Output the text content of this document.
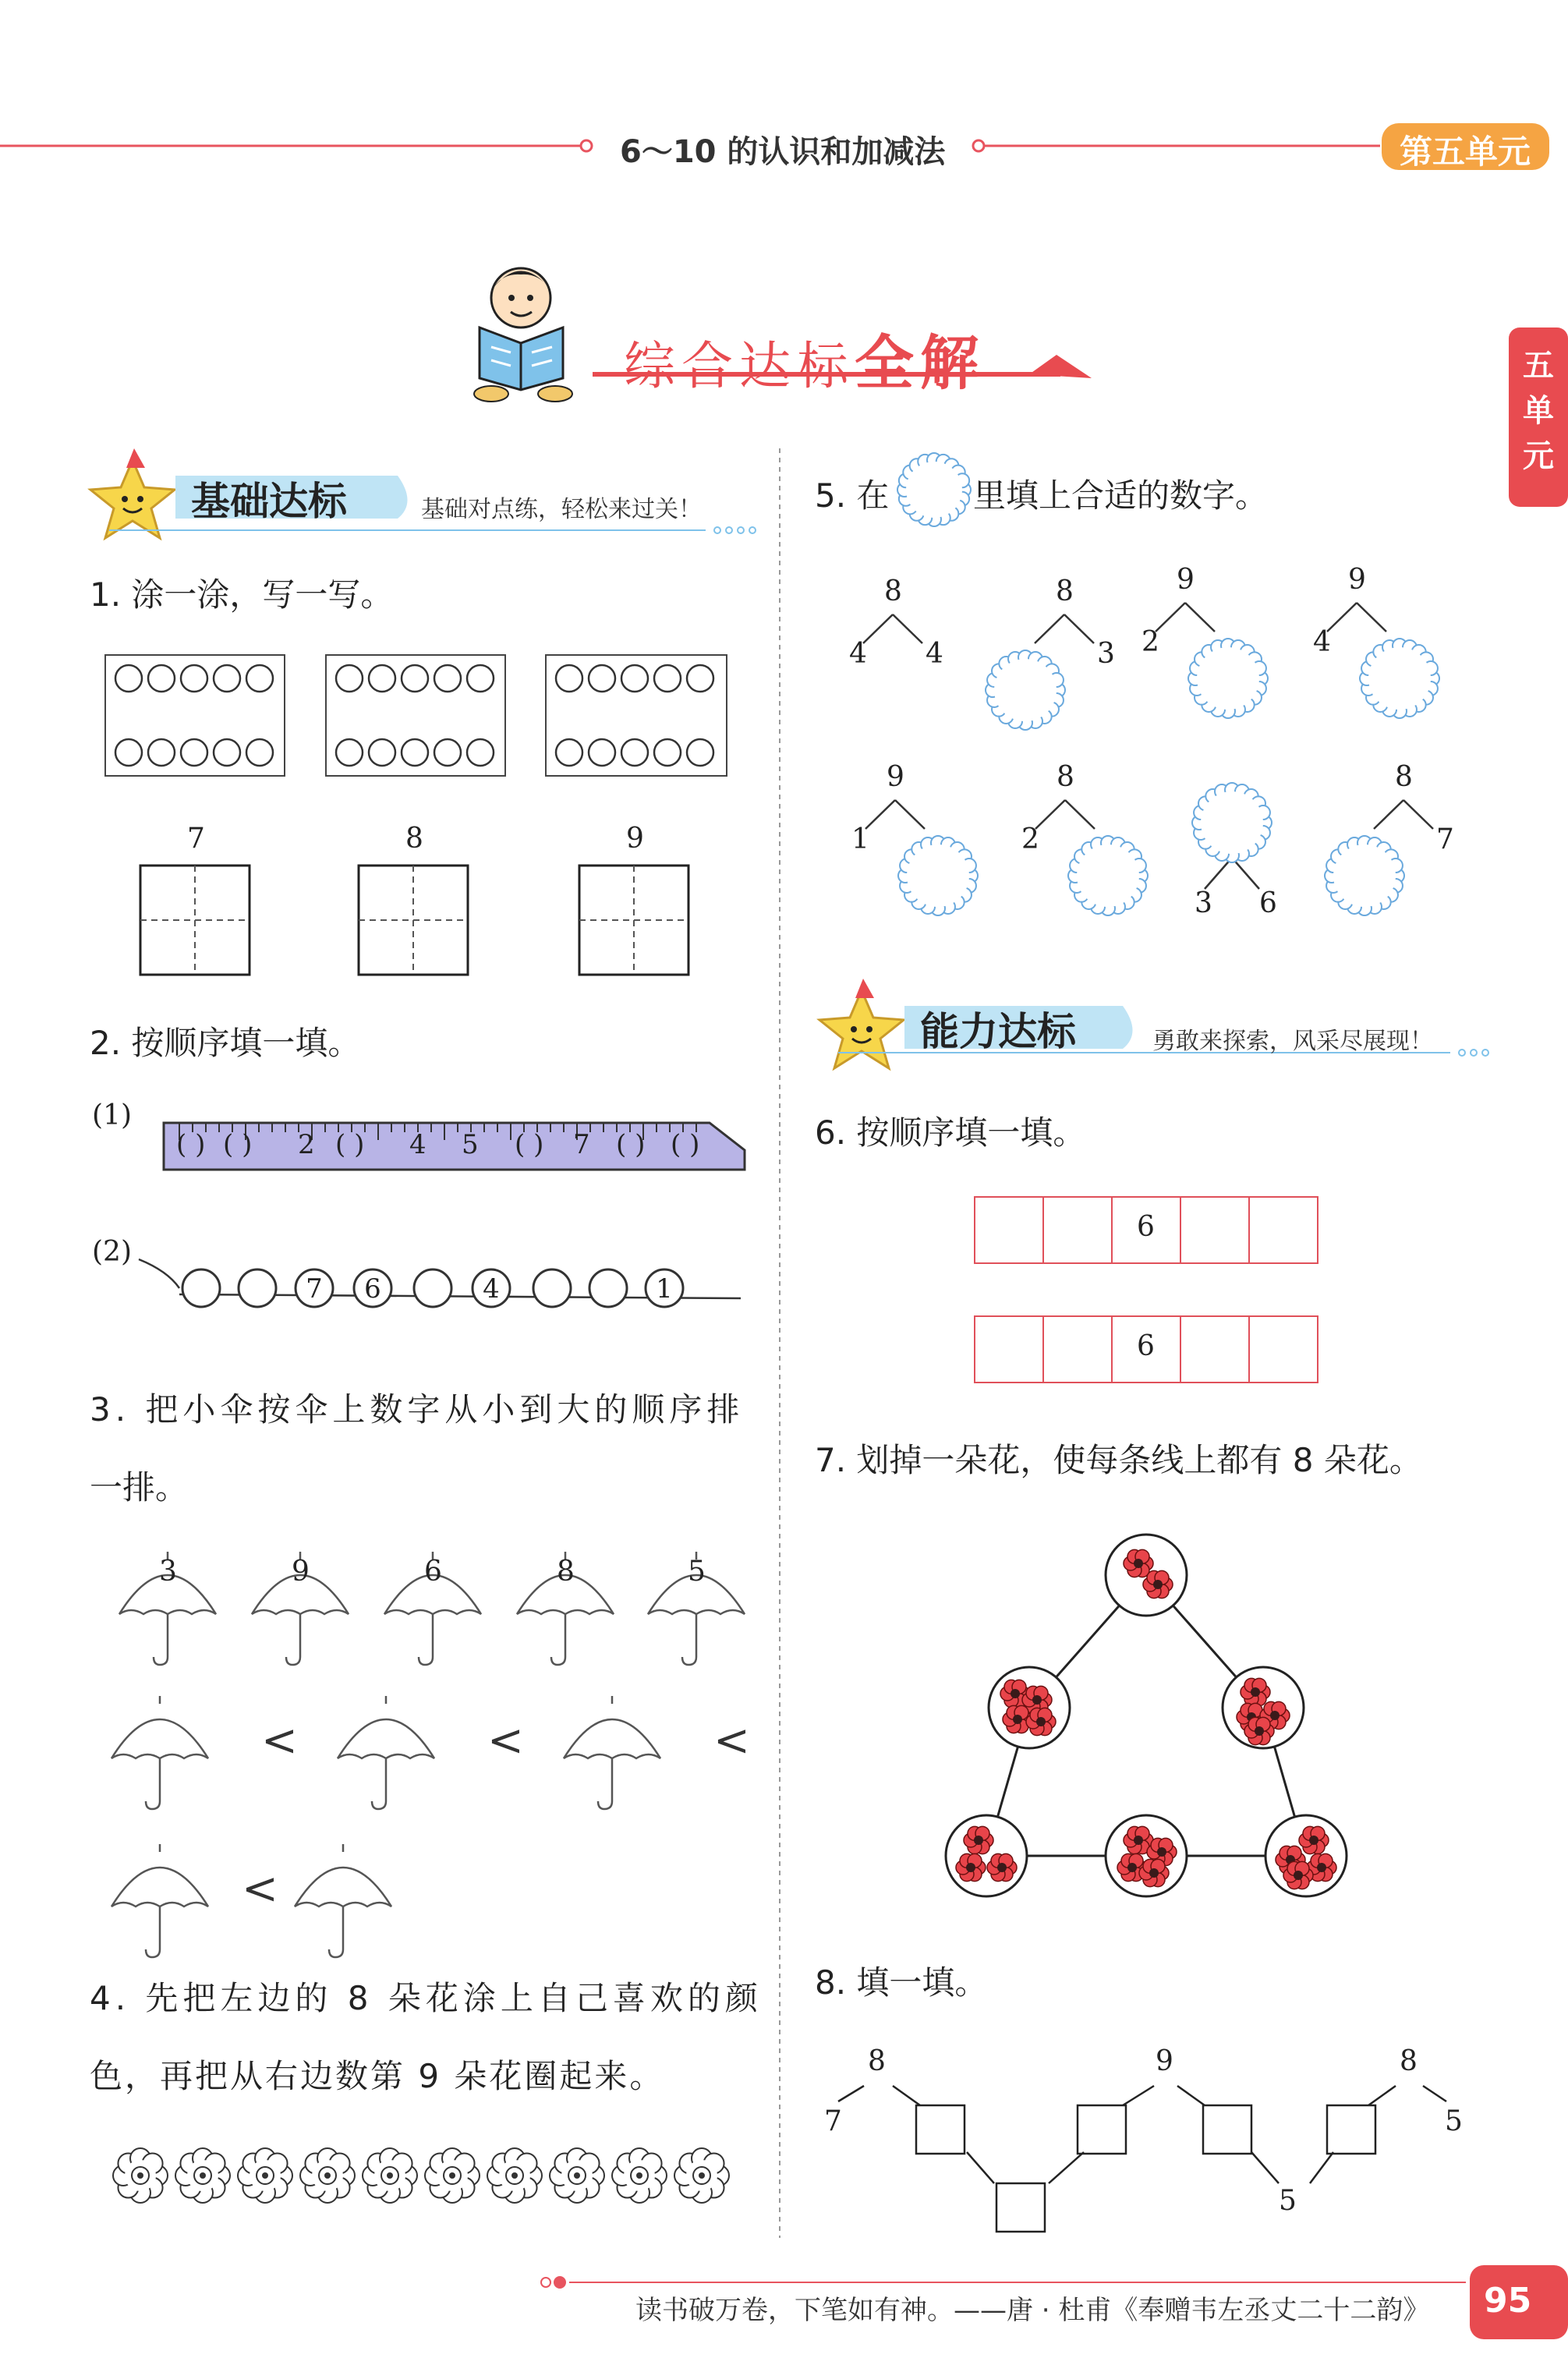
6～10 的认识和加减法	第五单元
五
单
元
综合达标全解
基础达标	基础对点练，轻松来过关！
能力达标	勇敢来探索，风采尽展现！
1. 涂一涂，写一写。
7	8	9
2. 按顺序填一填。
(1)
( ) ( ) 2 ( ) 4 5 ( ) 7 ( ) ( )
(2)
7 6	4	1
3. 把小伞按伞上数字从小到大的顺序排
一排。
3	9	6	8	5
<	<	<
<
4. 先把左边的 8 朵花涂上自己喜欢的颜
色，再把从右边数第 9 朵花圈起来。
5. 在	里填上合适的数字。
8
4 4
8
3
9
2
9
4
9
1
8
2
3 6
8
7
6. 按顺序填一填。
6
6
7. 划掉一朵花，使每条线上都有 8 朵花。
8. 填一填。
8
7
9	8
5
5
读书破万卷，下笔如有神。——唐 · 杜甫《奉赠韦左丞丈二十二韵》 95
